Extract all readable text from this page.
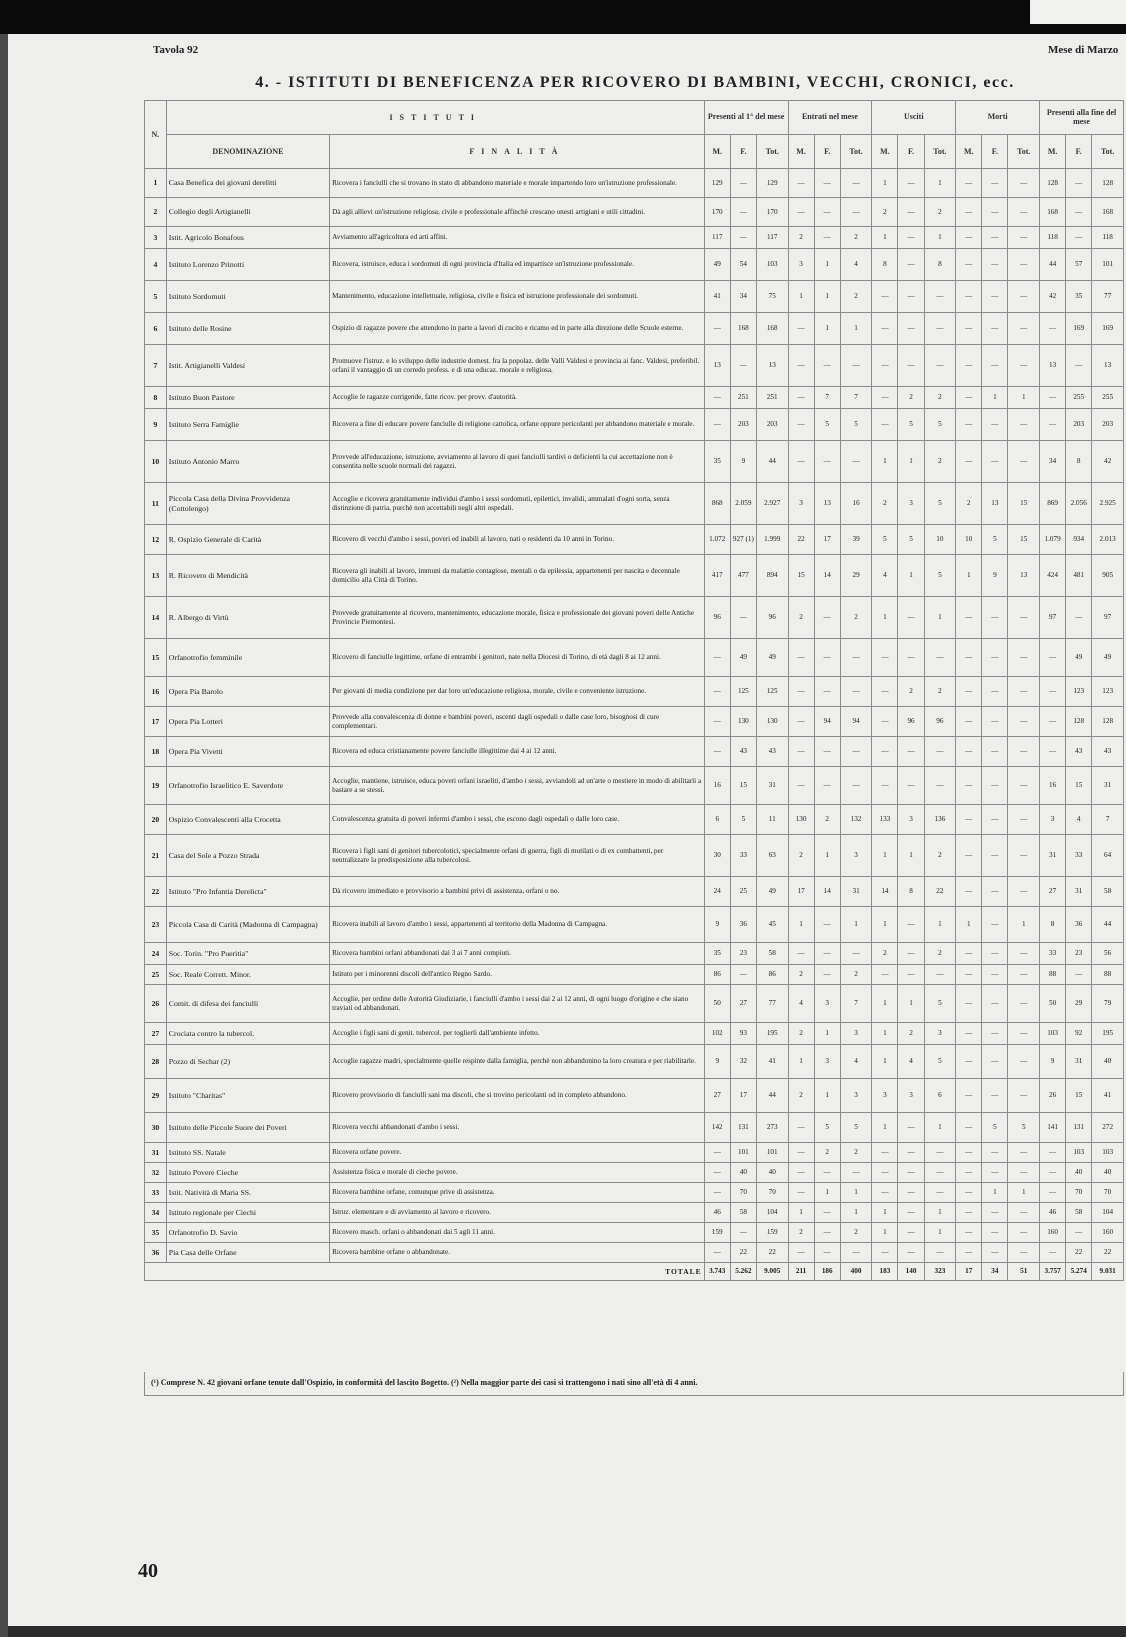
Tavola 92	Mese di Marzo
4. - ISTITUTI DI BENEFICENZA PER RICOVERO DI BAMBINI, VECCHI, CRONICI, ecc.
N.	ISTITUTI		Presenti al 1° del mese			Entrati nel mese			Usciti			Morti			Presenti alla fine del mese		
	DENOMINAZIONE	FINALITÀ	M.	F.	Tot.	M.	F.	Tot.	M.	F.	Tot.	M.	F.	Tot.	M.	F.	Tot.
1	Casa Benefica dei giovani derelitti	Ricovera i fanciulli che si trovano in stato di abbandono materiale e morale impartendo loro un'istruzione professionale.	129	—	129	—	—	—	1	—	1	—	—	—	128	—	128
2	Collegio degli Artigianelli	Dà agli allievi un'istruzione religiosa, civile e professionale affinchè crescano onesti artigiani e utili cittadini.	170	—	170	—	—	—	2	—	2	—	—	—	168	—	168
3	Istit. Agricolo Bonafous	Avviamento all'agricoltura ed arti affini.	117	—	117	2	—	2	1	—	1	—	—	—	118	—	118
4	Istituto Lorenzo Prinotti	Ricovera, istruisce, educa i sordomuti di ogni provincia d'Italia ed impartisce un'istruzione professionale.	49	54	103	3	1	4	8	—	8	—	—	—	44	57	101
5	Istituto Sordomuti	Mantenimento, educazione intellettuale, religiosa, civile e fisica ed istruzione professionale dei sordomuti.	41	34	75	1	1	2	—	—	—	—	—	—	42	35	77
6	Istituto delle Rosine	Ospizio di ragazze povere che attendono in parte a lavori di cucito e ricamo ed in parte alla direzione delle Scuole esterne.	—	168	168	—	1	1	—	—	—	—	—	—	—	169	169
7	Istit. Artigianelli Valdesi	Promuove l'istruz. e lo sviluppo delle industrie domest. fra la popolaz. delle Valli Valdesi e provincia ai fanc. Valdesi, preferibil. orfani il vantaggio di un corredo profess. e di una educaz. morale e religiosa.	13	—	13	—	—	—	—	—	—	—	—	—	13	—	13
8	Istituto Buon Pastore	Accoglie le ragazze corrigende, fatte ricov. per provv. d'autorità.	—	251	251	—	7	7	—	2	2	—	1	1	—	255	255
9	Istituto Serra Famiglie	Ricovera a fine di educare povere fanciulle di religione cattolica, orfane oppure pericolanti per abbandono materiale e morale.	—	203	203	—	5	5	—	5	5	—	—	—	—	203	203
10	Istituto Antonio Marro	Provvede all'educazione, istruzione, avviamento al lavoro di quei fanciulli tardivi o deficienti la cui accettazione non è consentita nelle scuole normali dei ragazzi.	35	9	44	—	—	—	1	1	2	—	—	—	34	8	42
11	Piccola Casa della Divina Provvidenza (Cottolengo)	Accoglie e ricovera gratuitamente individui d'ambo i sessi sordomuti, epilettici, invalidi, ammalati d'ogni sorta, senza distinzione di patria, purchè non accettabili negli altri ospedali.	868	2.059	2.927	3	13	16	2	3	5	2	13	15	869	2.056	2.925
12	R. Ospizio Generale di Carità	Ricovero di vecchi d'ambo i sessi, poveri ed inabili al lavoro, nati o residenti da 10 anni in Torino.	1.072	927 (1)	1.999	22	17	39	5	5	10	10	5	15	1.079	934	2.013
13	R. Ricovero di Mendicità	Ricovera gli inabili al lavoro, immuni da malattie contagiose, mentali o da epilessia, appartenenti per nascita e decennale domicilio alla Città di Torino.	417	477	894	15	14	29	4	1	5	1	9	13	424	481	905
14	R. Albergo di Virtù	Provvede gratuitamente al ricovero, mantenimento, educazione morale, fisica e professionale dei giovani poveri delle Antiche Provincie Piemontesi.	96	—	96	2	—	2	1	—	1	—	—	—	97	—	97
15	Orfanotrofio femminile	Ricovero di fanciulle legittime, orfane di entrambi i genitori, nate nella Diocesi di Torino, di età dagli 8 ai 12 anni.	—	49	49	—	—	—	—	—	—	—	—	—	—	49	49
16	Opera Pia Barolo	Per giovani di media condizione per dar loro un'educazione religiosa, morale, civile e conveniente istruzione.	—	125	125	—	—	—	—	2	2	—	—	—	—	123	123
17	Opera Pia Lotteri	Provvede alla convalescenza di donne e bambini poveri, uscenti dagli ospedali o dalle case loro, bisognosi di cure complementari.	—	130	130	—	94	94	—	96	96	—	—	—	—	128	128
18	Opera Pia Vivetti	Ricovera ed educa cristianamente povere fanciulle illegittime dai 4 ai 12 anni.	—	43	43	—	—	—	—	—	—	—	—	—	—	43	43
19	Orfanotrofio Israelitico E. Saverdote	Accoglie, mantiene, istruisce, educa poveri orfani israeliti, d'ambo i sessi, avviandoli ad un'arte o mestiere in modo di abilitarli a bastare a se stessi.	16	15	31	—	—	—	—	—	—	—	—	—	16	15	31
20	Ospizio Convalescenti alla Crocetta	Convalescenza gratuita di poveri infermi d'ambo i sessi, che escono dagli ospedali o dalle loro case.	6	5	11	130	2	132	133	3	136	—	—	—	3	4	7
21	Casa del Sole a Pozzo Strada	Ricovera i figli sani di genitori tubercolotici, specialmente orfani di guerra, figli di mutilati o di ex combattenti, per neutralizzare la predisposizione alla tubercolosi.	30	33	63	2	1	3	1	1	2	—	—	—	31	33	64
22	Istituto "Pro Infantia Derelicta"	Dà ricovero immediato e provvisorio a bambini privi di assistenza, orfani o no.	24	25	49	17	14	31	14	8	22	—	—	—	27	31	58
23	Piccola Casa di Carità (Madonna di Campagna)	Ricovera inabili al lavoro d'ambo i sessi, appartenenti al territorio della Madonna di Campagna.	9	36	45	1	—	1	1	—	1	1	—	1	8	36	44
24	Soc. Torin. "Pro Pueritia"	Ricovera bambini orfani abbandonati dai 3 ai 7 anni compiuti.	35	23	58	—	—	—	2	—	2	—	—	—	33	23	56
25	Soc. Reale Corrett. Minor.	Istituto per i minorenni discoli dell'antico Regno Sardo.	86	—	86	2	—	2	—	—	—	—	—	—	88	—	88
26	Comit. di difesa dei fanciulli	Accoglie, per ordine delle Autorità Giudiziarie, i fanciulli d'ambo i sessi dai 2 ai 12 anni, di ogni luogo d'origine e che siano traviati od abbandonati.	50	27	77	4	3	7	1	1	5	—	—	—	50	29	79
27	Crociata contro la tubercol.	Accoglie i figli sani di genit. tubercol. per toglierli dall'ambiente infetto.	102	93	195	2	1	3	1	2	3	—	—	—	103	92	195
28	Pozzo di Sechar (2)	Accoglie ragazze madri, specialmente quelle respinte dalla famiglia, perchè non abbandonino la loro creatura e per riabilitarle.	9	32	41	1	3	4	1	4	5	—	—	—	9	31	40
29	Istituto "Charitas"	Ricovero provvisorio di fanciulli sani ma discoli, che si trovino pericolanti od in completo abbandono.	27	17	44	2	1	3	3	3	6	—	—	—	26	15	41
30	Istituto delle Piccole Suore dei Poveri	Ricovera vecchi abbandonati d'ambo i sessi.	142	131	273	—	5	5	1	—	1	—	5	5	141	131	272
31	Istituto SS. Natale	Ricovera orfane povere.	—	101	101	—	2	2	—	—	—	—	—	—	—	103	103
32	Istituto Povere Cieche	Assistenza fisica e morale di cieche povere.	—	40	40	—	—	—	—	—	—	—	—	—	—	40	40
33	Istit. Natività di Maria SS.	Ricovera bambine orfane, comunque prive di assistenza.	—	70	70	—	1	1	—	—	—	—	1	1	—	70	70
34	Istituto regionale per Ciechi	Istruz. elementare e di avviamento al lavoro e ricovero.	46	58	104	1	—	1	1	—	1	—	—	—	46	58	104
35	Orfanotrofio D. Savio	Ricovero masch. orfani o abbandonati dai 5 agli 11 anni.	159	—	159	2	—	2	1	—	1	—	—	—	160	—	160
36	Pia Casa delle Orfane	Ricovera bambine orfane o abbandonate.	—	22	22	—	—	—	—	—	—	—	—	—	—	22	22
TOTALE			3.743	5.262	9.005	211	186	400	183	140	323	17	34	51	3.757	5.274	9.031
(¹) Comprese N. 42 giovani orfane tenute dall'Ospizio, in conformità del lascito Bogetto. (²) Nella maggior parte dei casi si trattengono i nati sino all'età di 4 anni.
40
